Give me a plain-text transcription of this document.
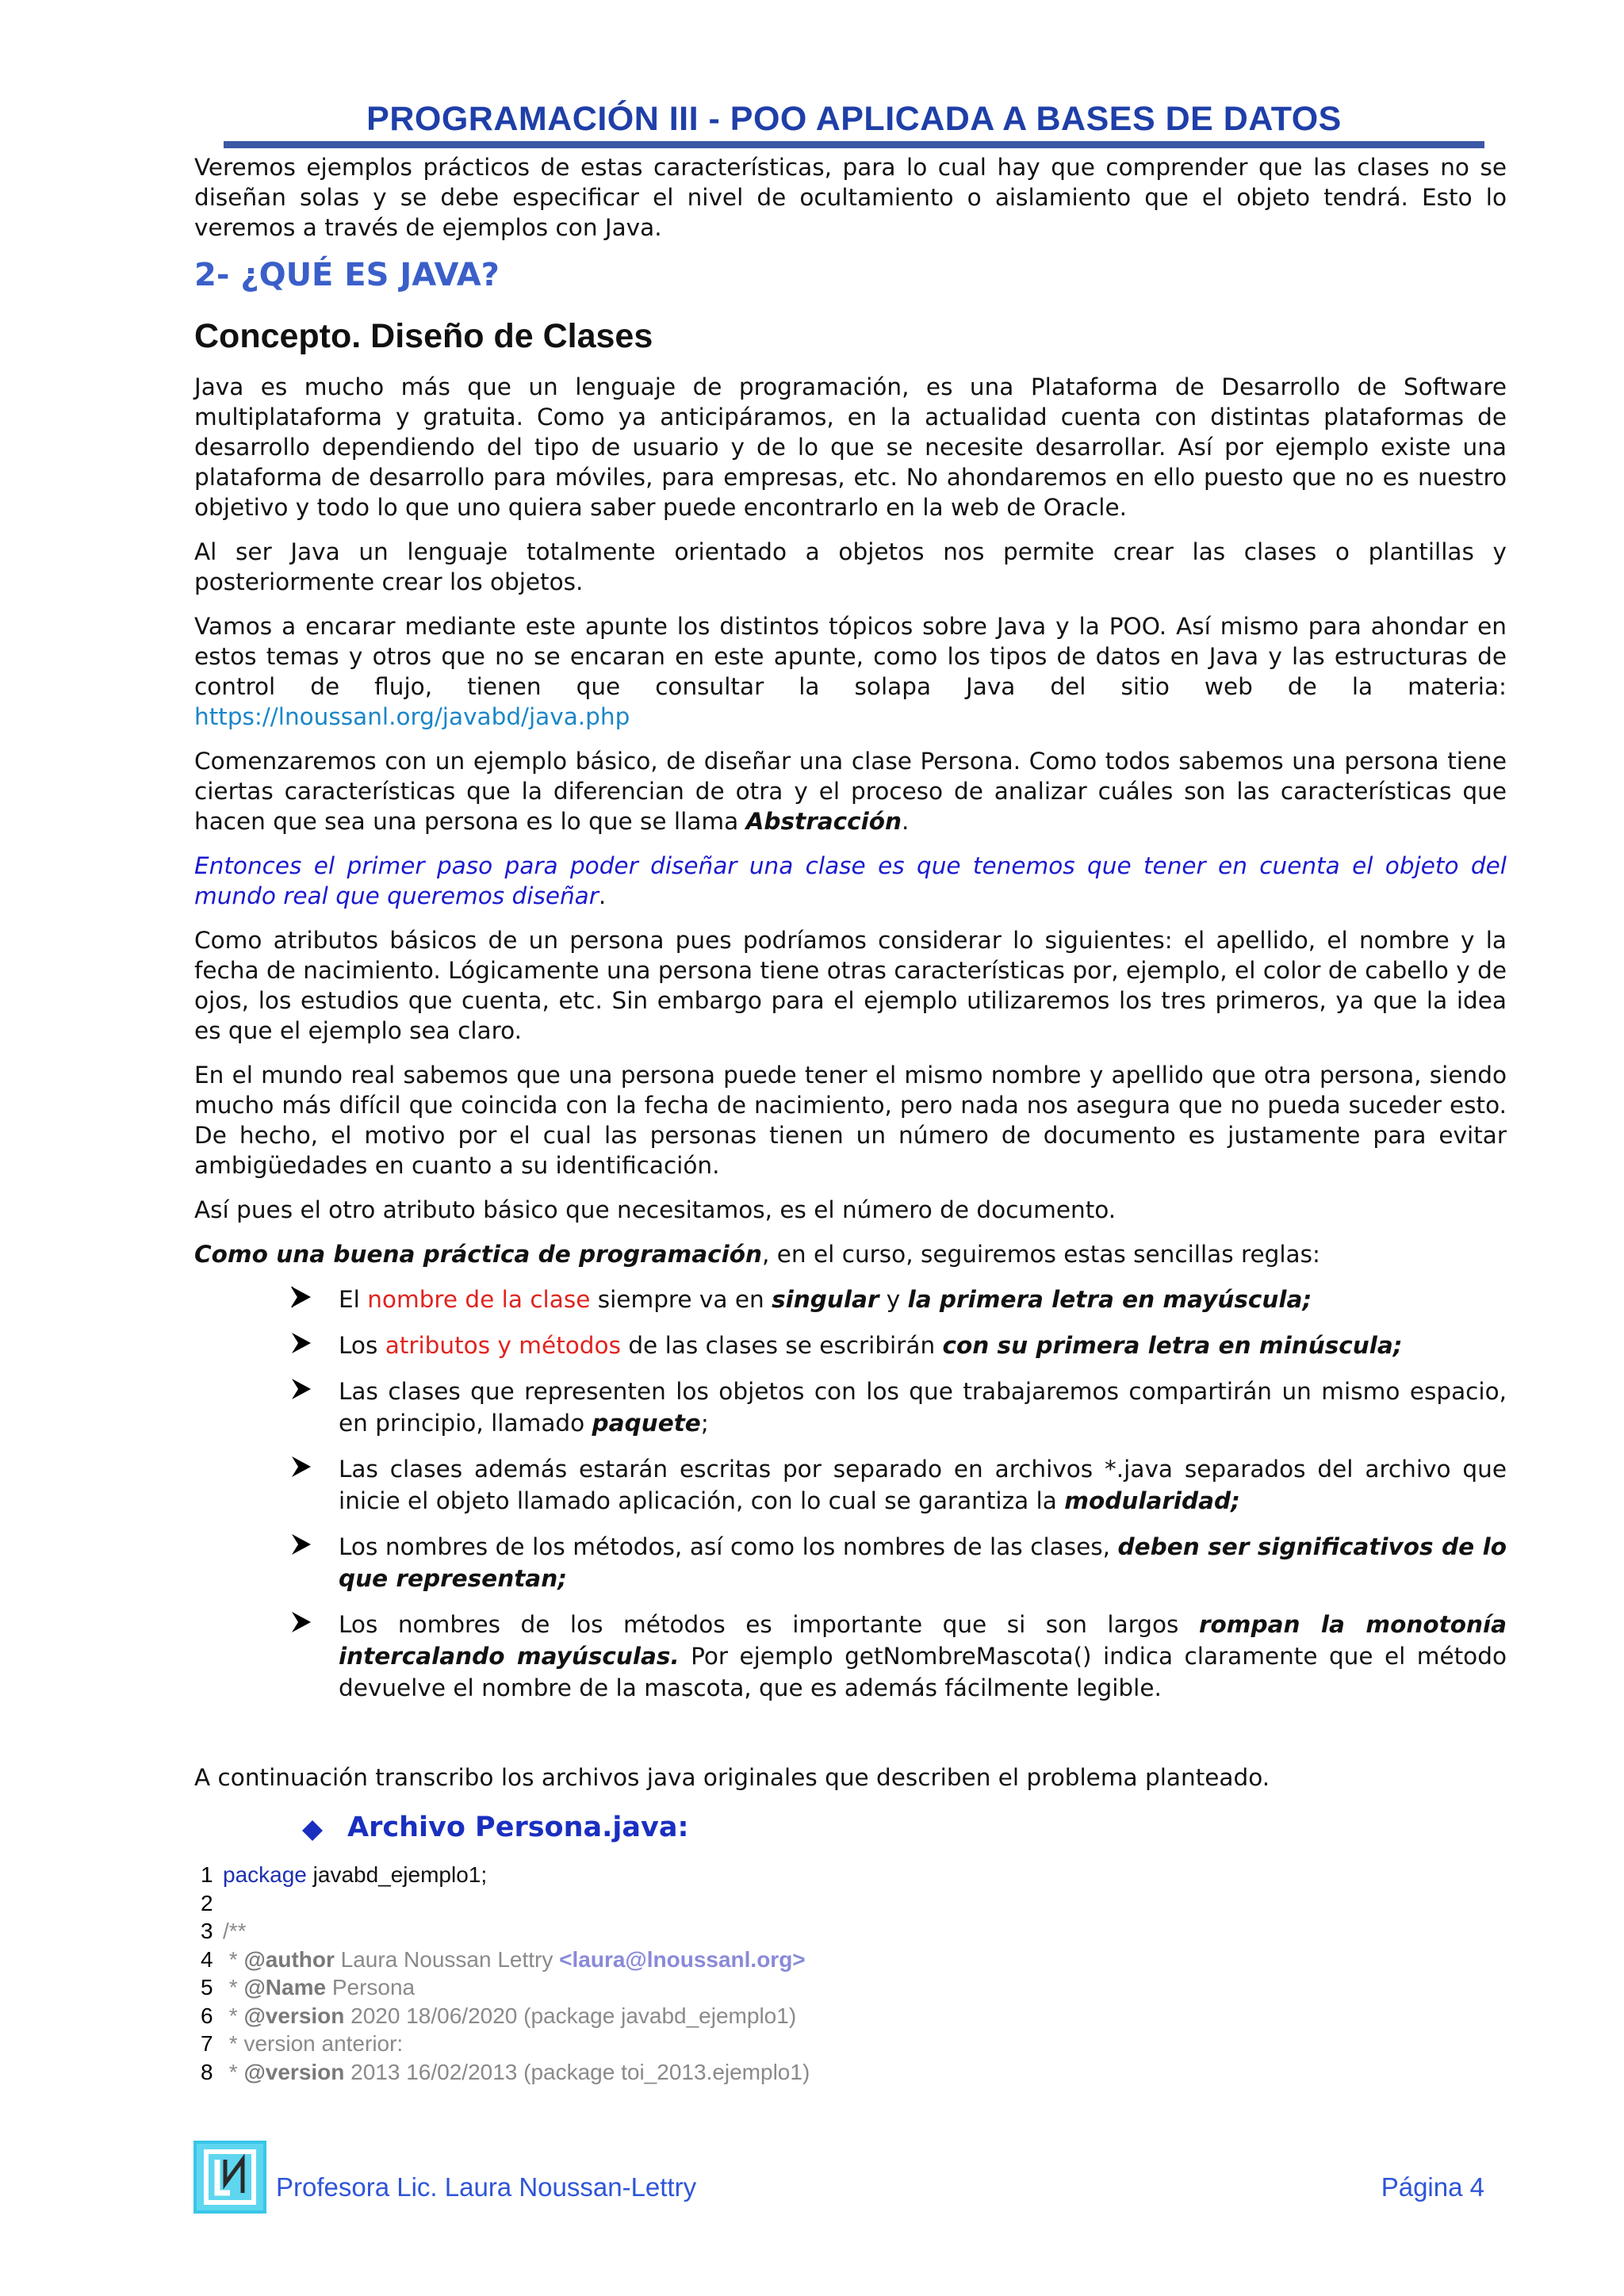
PROGRAMACIÓN III - POO APLICADA A BASES DE DATOS

Veremos ejemplos prácticos de estas características, para lo cual hay que comprender que las clases no se diseñan solas y se debe especificar el nivel de ocultamiento o aislamiento que el objeto tendrá. Esto lo veremos a través de ejemplos con Java.

2- ¿QUÉ ES JAVA?
Concepto. Diseño de Clases

Java es mucho más que un lenguaje de programación, es una Plataforma de Desarrollo de Software multiplataforma y gratuita. Como ya anticipáramos, en la actualidad cuenta con distintas plataformas de desarrollo dependiendo del tipo de usuario y de lo que se necesite desarrollar. Así por ejemplo existe una plataforma de desarrollo para móviles, para empresas, etc. No ahondaremos en ello puesto que no es nuestro objetivo y todo lo que uno quiera saber puede encontrarlo en la web de Oracle.

Al ser Java un lenguaje totalmente orientado a objetos nos permite crear las clases o plantillas y posteriormente crear los objetos.

Vamos a encarar mediante este apunte los distintos tópicos sobre Java y la POO. Así mismo para ahondar en estos temas y otros que no se encaran en este apunte, como los tipos de datos en Java y las estructuras de control de flujo, tienen que consultar la solapa Java del sitio web de la materia: https://lnoussanl.org/javabd/java.php

Comenzaremos con un ejemplo básico, de diseñar una clase Persona. Como todos sabemos una persona tiene ciertas características que la diferencian de otra y el proceso de analizar cuáles son las características que hacen que sea una persona es lo que se llama Abstracción.

Entonces el primer paso para poder diseñar una clase es que tenemos que tener en cuenta el objeto del mundo real que queremos diseñar.

Como atributos básicos de un persona pues podríamos considerar lo siguientes: el apellido, el nombre y la fecha de nacimiento. Lógicamente una persona tiene otras características por, ejemplo, el color de cabello y de ojos, los estudios que cuenta, etc. Sin embargo para el ejemplo utilizaremos los tres primeros, ya que la idea es que el ejemplo sea claro.

En el mundo real sabemos que una persona puede tener el mismo nombre y apellido que otra persona, siendo mucho más difícil que coincida con la fecha de nacimiento, pero nada nos asegura que no pueda suceder esto. De hecho, el motivo por el cual las personas tienen un número de documento es justamente para evitar ambigüedades en cuanto a su identificación.

Así pues el otro atributo básico que necesitamos, es el número de documento.

Como una buena práctica de programación, en el curso, seguiremos estas sencillas reglas:

El nombre de la clase siempre va en singular y la primera letra en mayúscula;
Los atributos y métodos de las clases se escribirán con su primera letra en minúscula;
Las clases que representen los objetos con los que trabajaremos compartirán un mismo espacio, en principio, llamado paquete;
Las clases además estarán escritas por separado en archivos *.java separados del archivo que inicie el objeto llamado aplicación, con lo cual se garantiza la modularidad;
Los nombres de los métodos, así como los nombres de las clases, deben ser significativos de lo que representan;
Los nombres de los métodos es importante que si son largos rompan la monotonía intercalando mayúsculas. Por ejemplo getNombreMascota() indica claramente que el método devuelve el nombre de la mascota, que es además fácilmente legible.

A continuación transcribo los archivos java originales que describen el problema planteado.

Archivo Persona.java:
1 package javabd_ejemplo1;
2
3 /**
4 * @author Laura Noussan Lettry <laura@lnoussanl.org>
5 * @Name Persona
6 * @version 2020 18/06/2020 (package javabd_ejemplo1)
7 * version anterior:
8 * @version 2013 16/02/2013 (package toi_2013.ejemplo1)
Profesora Lic. Laura Noussan-Lettry	Página 4
